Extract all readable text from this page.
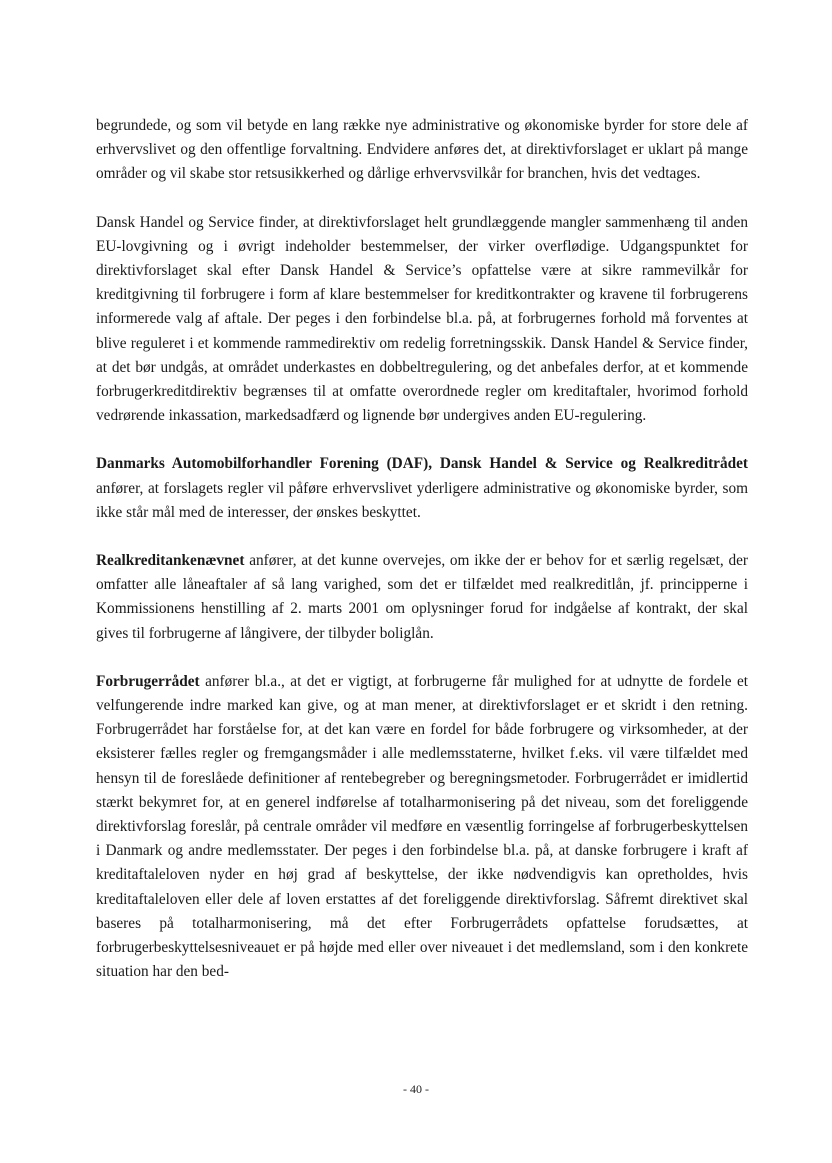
begrundede, og som vil betyde en lang række nye administrative og økonomiske byrder for store dele af erhvervslivet og den offentlige forvaltning. Endvidere anføres det, at direktivforslaget er uklart på mange områder og vil skabe stor retsusikkerhed og dårlige erhvervsvilkår for branchen, hvis det vedtages.

Dansk Handel og Service finder, at direktivforslaget helt grundlæggende mangler sammenhæng til anden EU-lovgivning og i øvrigt indeholder bestemmelser, der virker overflødige. Udgangspunktet for direktivforslaget skal efter Dansk Handel & Service’s opfattelse være at sikre rammevilkår for kreditgivning til forbrugere i form af klare bestemmelser for kreditkontrakter og kravene til forbrugerens informerede valg af aftale. Der peges i den forbindelse bl.a. på, at forbrugernes forhold må forventes at blive reguleret i et kommende rammedirektiv om redelig forretningsskik. Dansk Handel & Service finder, at det bør undgås, at området underkastes en dobbeltregulering, og det anbefales derfor, at et kommende forbrugerkreditdirektiv begrænses til at omfatte overordnede regler om kreditaftaler, hvorimod forhold vedrørende inkassation, markedsadfærd og lignende bør undergives anden EU-regulering.

Danmarks Automobilforhandler Forening (DAF), Dansk Handel & Service og Realkreditrådet anfører, at forslagets regler vil påføre erhvervslivet yderligere administrative og økonomiske byrder, som ikke står mål med de interesser, der ønskes beskyttet.

Realkreditankenævnet anfører, at det kunne overvejes, om ikke der er behov for et særlig regelsæt, der omfatter alle låneaftaler af så lang varighed, som det er tilfældet med realkreditlån, jf. principperne i Kommissionens henstilling af 2. marts 2001 om oplysninger forud for indgåelse af kontrakt, der skal gives til forbrugerne af långivere, der tilbyder boliglån.

Forbrugerrådet anfører bl.a., at det er vigtigt, at forbrugerne får mulighed for at udnytte de fordele et velfungerende indre marked kan give, og at man mener, at direktivforslaget er et skridt i den retning. Forbrugerrådet har forståelse for, at det kan være en fordel for både forbrugere og virksomheder, at der eksisterer fælles regler og fremgangsmåder i alle medlemsstaterne, hvilket f.eks. vil være tilfældet med hensyn til de foreslåede definitioner af rentebegreber og beregningsmetoder. Forbrugerrådet er imidlertid stærkt bekymret for, at en generel indførelse af totalharmonisering på det niveau, som det foreliggende direktivforslag foreslår, på centrale områder vil medføre en væsentlig forringelse af forbrugerbeskyttelsen i Danmark og andre medlemsstater. Der peges i den forbindelse bl.a. på, at danske forbrugere i kraft af kreditaftaleloven nyder en høj grad af beskyttelse, der ikke nødvendigvis kan opretholdes, hvis kreditaftaleloven eller dele af loven erstattes af det foreliggende direktivforslag. Såfremt direktivet skal baseres på totalharmonisering, må det efter Forbrugerrådets opfattelse forudsættes, at forbrugerbeskyttelsesniveauet er på højde med eller over niveauet i det medlemsland, som i den konkrete situation har den bed-

- 40 -
